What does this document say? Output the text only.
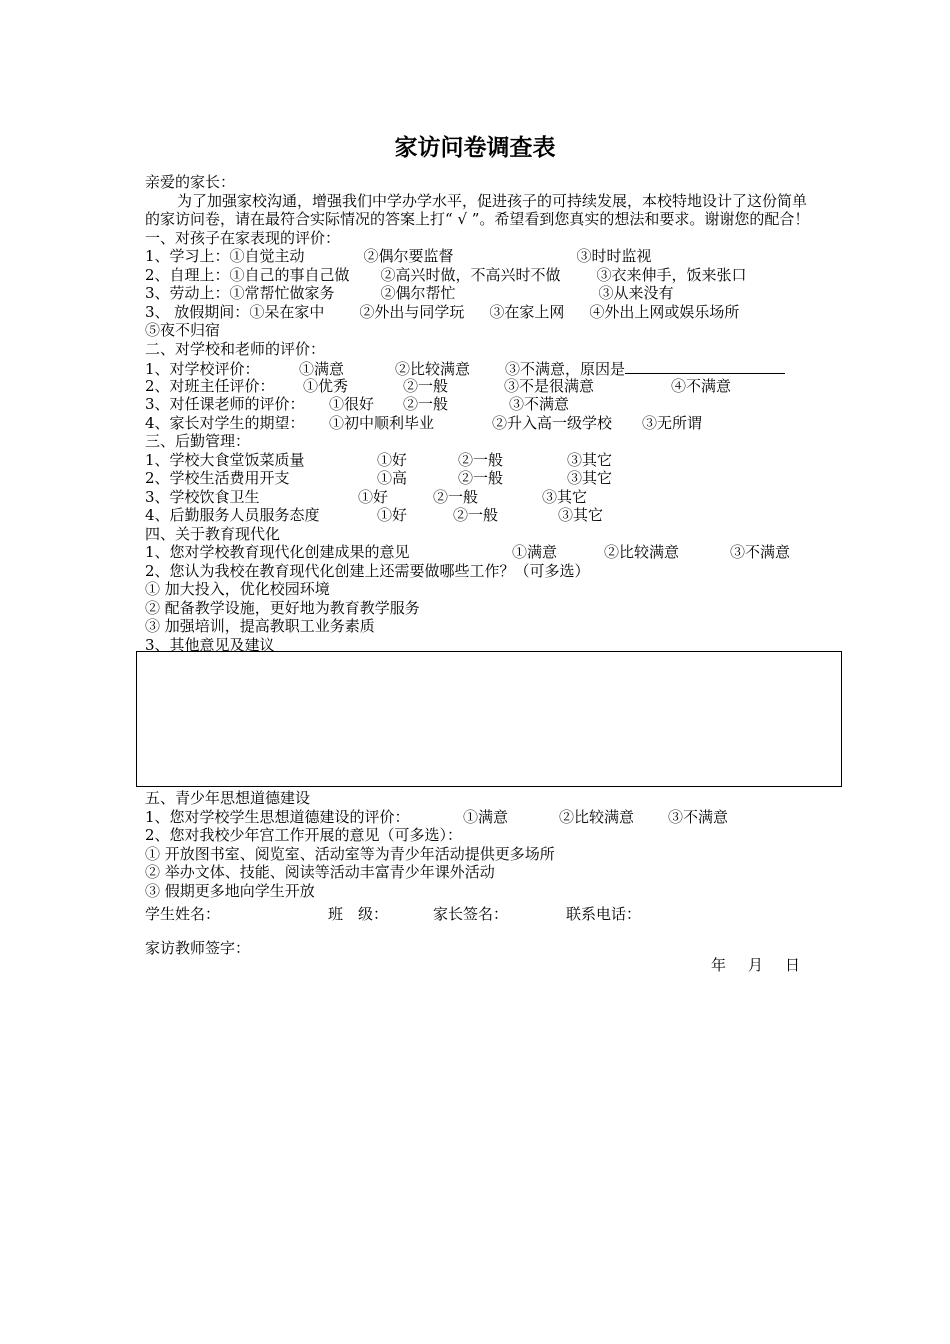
家访问卷调查表
亲爱的家长：
为了加强家校沟通，增强我们中学办学水平，促进孩子的可持续发展，本校特地设计了这份简单的家访问卷，请在最符合实际情况的答案上打“ √ ”。希望看到您真实的想法和要求。谢谢您的配合！
一、对孩子在家表现的评价：
1、学习上：①自觉主动	②偶尔要监督	③时时监视
2、自理上：①自己的事自己做 ②高兴时做，不高兴时不做 ③衣来伸手，饭来张口
3、劳动上：①常帮忙做家务	②偶尔帮忙	③从来没有
3、 放假期间：①呆在家中 ②外出与同学玩 ③在家上网 ④外出上网或娱乐场所
⑤夜不归宿
二、对学校和老师的评价：
1、对学校评价：	①满意	②比较满意 ③不满意，原因是
2、对班主任评价： ①优秀	②一般	③不是很满意	④不满意
3、对任课老师的评价： ①很好 ②一般	③不满意
4、家长对学生的期望： ①初中顺利毕业	②升入高一级学校 ③无所谓
三、后勤管理：
1、学校大食堂饭菜质量	①好	②一般	③其它
2、学校生活费用开支	①高	②一般	③其它
3、学校饮食卫生	①好	②一般	③其它
4、后勤服务人员服务态度	①好	②一般	③其它
四、关于教育现代化
1、您对学校教育现代化创建成果的意见	①满意	②比较满意	③不满意
2、您认为我校在教育现代化创建上还需要做哪些工作？（可多选）
① 加大投入，优化校园环境
② 配备教学设施，更好地为教育教学服务
③ 加强培训，提高教职工业务素质
3、其他意见及建议
五、青少年思想道德建设
1、您对学校学生思想道德建设的评价：	①满意	②比较满意 ③不满意
2、您对我校少年宫工作开展的意见（可多选）：
① 开放图书室、阅览室、活动室等为青少年活动提供更多场所
② 举办文体、技能、阅读等活动丰富青少年课外活动
③ 假期更多地向学生开放
学生姓名：	班　级：	家长签名：	联系电话：
家访教师签字：
年 月 日
